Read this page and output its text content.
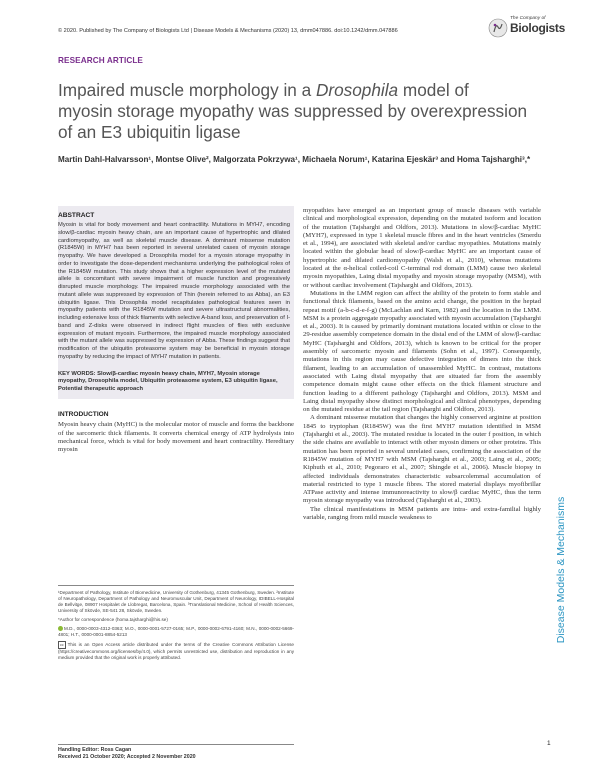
© 2020. Published by The Company of Biologists Ltd | Disease Models & Mechanisms (2020) 13, dmm047886. doi:10.1242/dmm.047886
The Company of
Biologists
RESEARCH ARTICLE
Impaired muscle morphology in a Drosophila model of myosin storage myopathy was suppressed by overexpression of an E3 ubiquitin ligase
Martin Dahl-Halvarsson¹, Montse Olive², Malgorzata Pokrzywa¹, Michaela Norum¹, Katarina Ejeskär³ and Homa Tajsharghi³,*
ABSTRACT
Myosin is vital for body movement and heart contractility. Mutations in MYH7, encoding slow/β-cardiac myosin heavy chain, are an important cause of hypertrophic and dilated cardiomyopathy, as well as skeletal muscle disease. A dominant missense mutation (R1845W) in MYH7 has been reported in several unrelated cases of myosin storage myopathy. We have developed a Drosophila model for a myosin storage myopathy in order to investigate the dose-dependent mechanisms underlying the pathological roles of the R1845W mutation. This study shows that a higher expression level of the mutated allele is concomitant with severe impairment of muscle function and progressively disrupted muscle morphology. The impaired muscle morphology associated with the mutant allele was suppressed by expression of Thin (herein referred to as Abba), an E3 ubiquitin ligase. This Drosophila model recapitulates pathological features seen in myopathy patients with the R1845W mutation and severe ultrastructural abnormalities, including extensive loss of thick filaments with selective A-band loss, and preservation of I-band and Z-disks were observed in indirect flight muscles of flies with exclusive expression of mutant myosin. Furthermore, the impaired muscle morphology associated with the mutant allele was suppressed by expression of Abba. These findings suggest that modification of the ubiquitin proteasome system may be beneficial in myosin storage myopathy by reducing the impact of MYH7 mutation in patients.
KEY WORDS: Slow/β-cardiac myosin heavy chain, MYH7, Myosin storage myopathy, Drosophila model, Ubiquitin proteasome system, E3 ubiquitin ligase, Potential therapeutic approach
INTRODUCTION
Myosin heavy chain (MyHC) is the molecular motor of muscle and forms the backbone of the sarcomeric thick filaments. It converts chemical energy of ATP hydrolysis into mechanical force, which is vital for body movement and heart contractility. Hereditary myosin
¹Department of Pathology, Institute of Biomedicine, University of Gothenburg, 41345 Gothenburg, Sweden. ²Institute of Neuropathology, Department of Pathology and Neuromuscular Unit, Department of Neurology, IDIBELL-Hospital de Bellvitge, 08907 Hospitalet de Llobregat, Barcelona, Spain. ³Translational Medicine, School of Health Sciences, University of Skövde, SE-541 28, Skövde, Sweden.
*Author for correspondence (homa.tajsharghi@his.se)
M.D., 0000-0003-4312-0363; M.O., 0000-0001-5727-0165; M.P., 0000-0002-6791-4160; M.N., 0000-0002-5669-4801; H.T., 0000-0001-8854-5213
cc This is an Open Access article distributed under the terms of the Creative Commons Attribution License (https://creativecommons.org/licenses/by/4.0), which permits unrestricted use, distribution and reproduction in any medium provided that the original work is properly attributed.
Handling Editor: Ross Cagan
Received 21 October 2020; Accepted 2 November 2020

myopathies have emerged as an important group of muscle diseases with variable clinical and morphological expression, depending on the mutated isoform and location of the mutation (Tajsharghi and Oldfors, 2013). Mutations in slow/β-cardiac MyHC (MYH7), expressed in type 1 skeletal muscle fibres and in the heart ventricles (Smerdu et al., 1994), are associated with skeletal and/or cardiac myopathies. Mutations mainly located within the globular head of slow/β-cardiac MyHC are an important cause of hypertrophic and dilated cardiomyopathy (Walsh et al., 2010), whereas mutations located at the α-helical coiled-coil C-terminal rod domain (LMM) cause two skeletal myosin myopathies, Laing distal myopathy and myosin storage myopathy (MSM), with or without cardiac involvement (Tajsharghi and Oldfors, 2013).

Mutations in the LMM region can affect the ability of the protein to form stable and functional thick filaments, based on the amino acid change, the position in the heptad repeat motif (a-b-c-d-e-f-g) (McLachlan and Karn, 1982) and the location in the LMM. MSM is a protein aggregate myopathy associated with myosin accumulation (Tajsharghi et al., 2003). It is caused by primarily dominant mutations located within or close to the 29-residue assembly competence domain in the distal end of the LMM of slow/β-cardiac MyHC (Tajsharghi and Oldfors, 2013), which is known to be critical for the proper assembly of sarcomeric myosin and filaments (Sohn et al., 1997). Consequently, mutations in this region may cause defective integration of dimers into the thick filament, leading to an accumulation of unassembled MyHC. In contrast, mutations associated with Laing distal myopathy that are situated far from the assembly competence domain might cause other effects on the thick filament structure and function leading to a different pathology (Tajsharghi and Oldfors, 2013). MSM and Laing distal myopathy show distinct morphological and clinical phenotypes, depending on the mutated residue at the tail region (Tajsharghi and Oldfors, 2013).

A dominant missense mutation that changes the highly conserved arginine at position 1845 to tryptophan (R1845W) was the first MYH7 mutation identified in MSM (Tajsharghi et al., 2003). The mutated residue is located in the outer f position, in which the side chains are available to interact with other myosin dimers or other proteins. This mutation has been reported in several unrelated cases, confirming the association of the R1845W mutation of MYH7 with MSM (Tajsharghi et al., 2003; Laing et al., 2005; Kiphuth et al., 2010; Pegoraro et al., 2007; Shingde et al., 2006). Muscle biopsy in affected individuals demonstrates characteristic subsarcolemmal accumulation of material restricted to type 1 muscle fibres. The stored material displays myofibrillar ATPase activity and intense immunoreactivity to slow/β cardiac MyHC, thus the term myosin storage myopathy was introduced (Tajsharghi et al., 2003).

The clinical manifestations in MSM patients are intra- and extra-familial highly variable, ranging from mild muscle weakness to	Disease Models & Mechanisms
1
